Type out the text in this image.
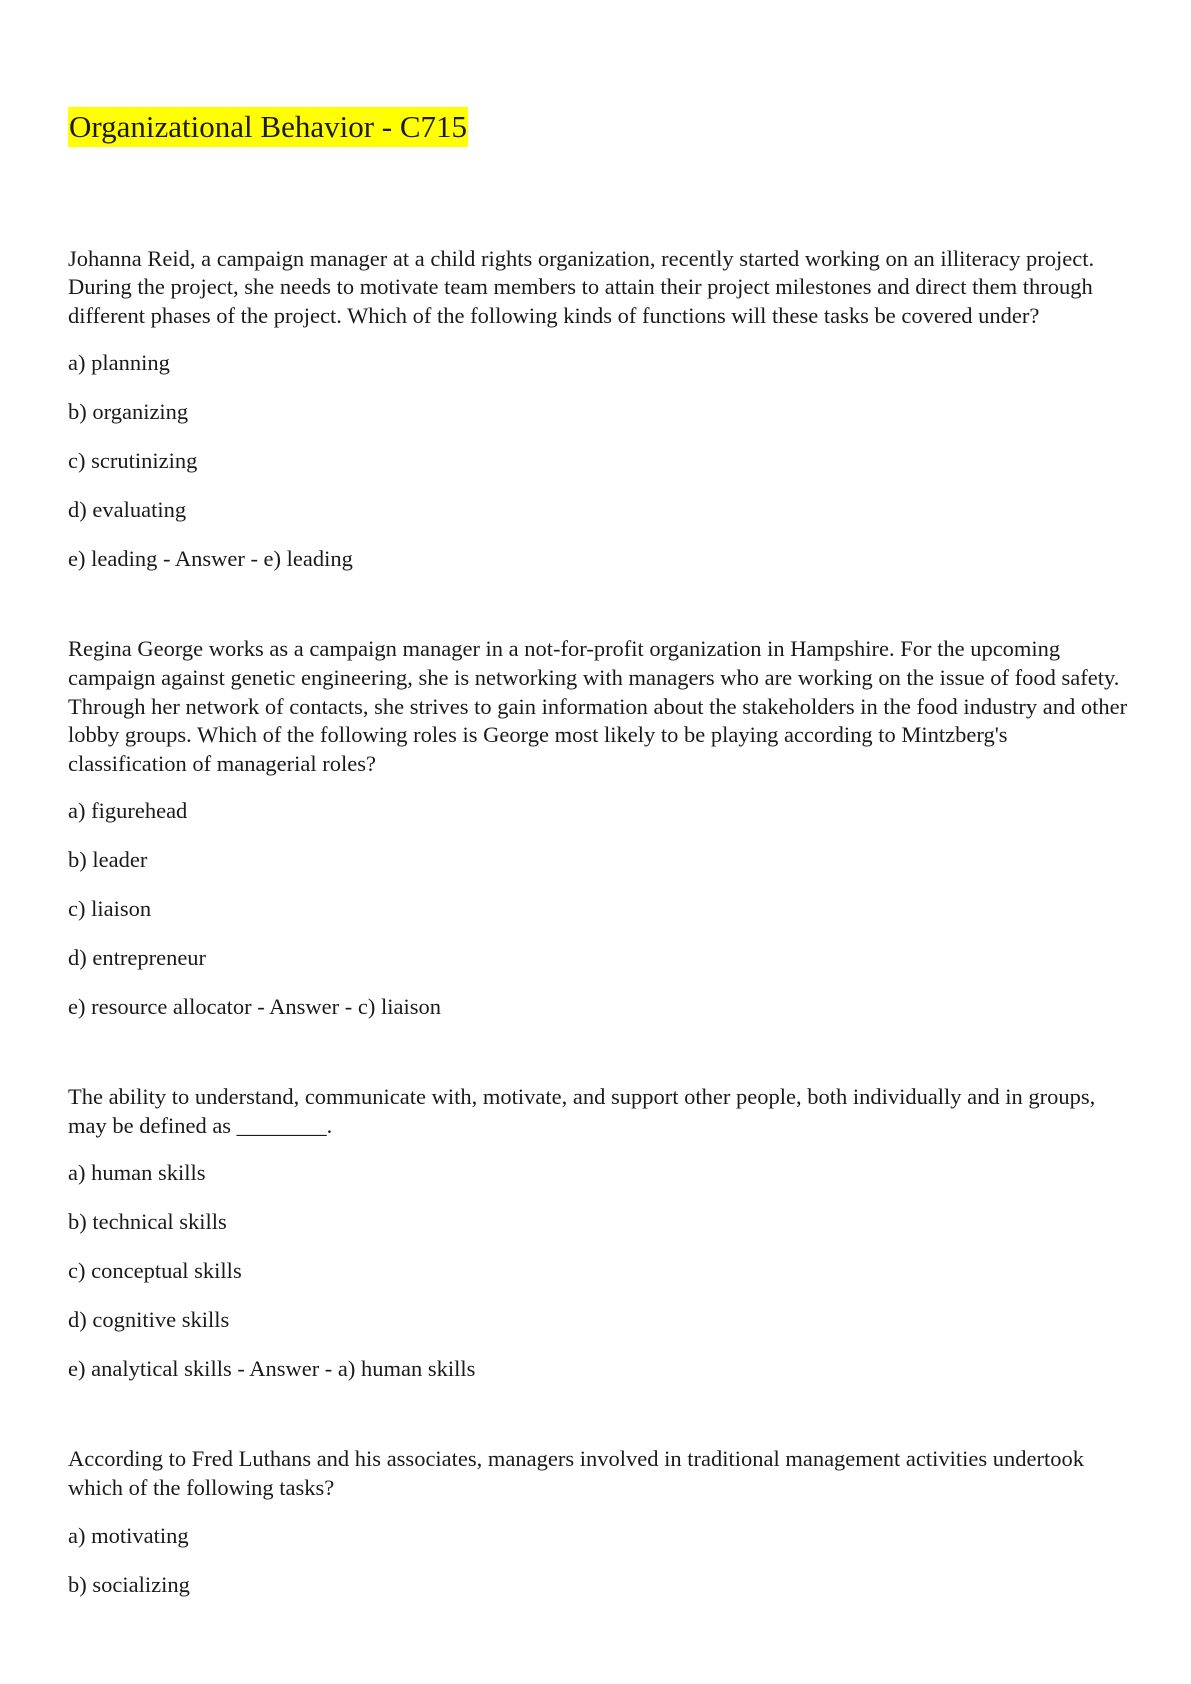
Organizational Behavior - C715

Johanna Reid, a campaign manager at a child rights organization, recently started working on an illiteracy project. During the project, she needs to motivate team members to attain their project milestones and direct them through different phases of the project. Which of the following kinds of functions will these tasks be covered under?

a) planning
b) organizing
c) scrutinizing
d) evaluating
e) leading - Answer - e) leading

Regina George works as a campaign manager in a not-for-profit organization in Hampshire. For the upcoming campaign against genetic engineering, she is networking with managers who are working on the issue of food safety. Through her network of contacts, she strives to gain information about the stakeholders in the food industry and other lobby groups. Which of the following roles is George most likely to be playing according to Mintzberg's classification of managerial roles?

a) figurehead
b) leader
c) liaison
d) entrepreneur
e) resource allocator - Answer - c) liaison

The ability to understand, communicate with, motivate, and support other people, both individually and in groups, may be defined as ________.

a) human skills
b) technical skills
c) conceptual skills
d) cognitive skills
e) analytical skills - Answer - a) human skills

According to Fred Luthans and his associates, managers involved in traditional management activities undertook which of the following tasks?

a) motivating
b) socializing
